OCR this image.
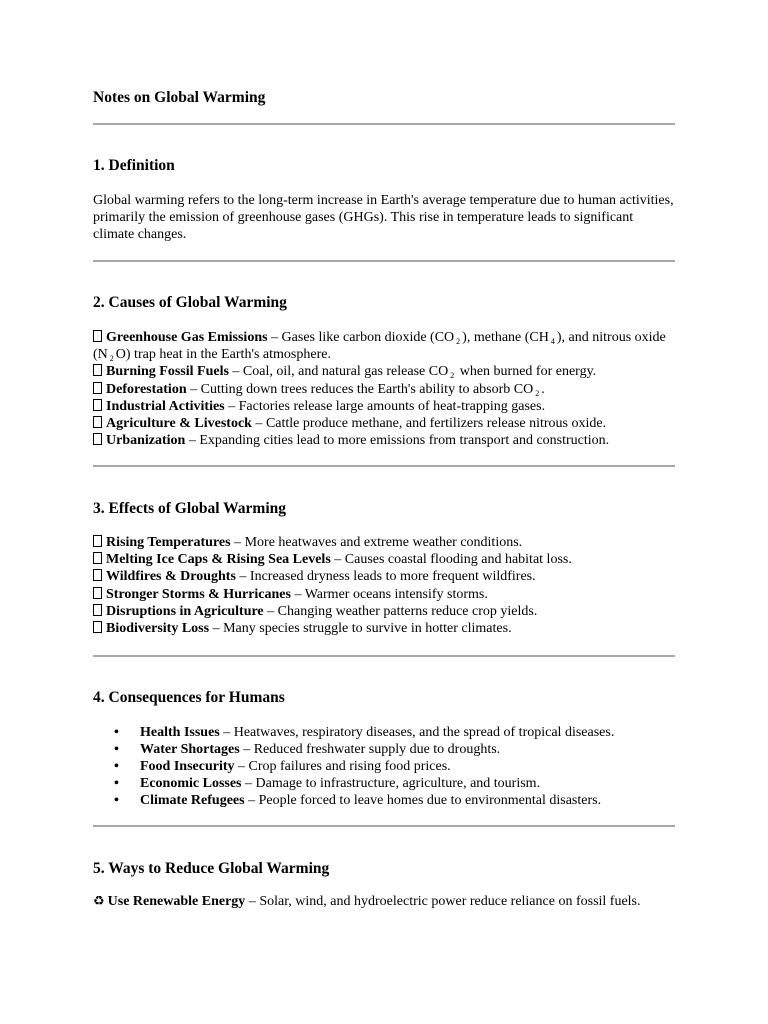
Notes on Global Warming
1. Definition

Global warming refers to the long-term increase in Earth's average temperature due to human activities, primarily the emission of greenhouse gases (GHGs). This rise in temperature leads to significant climate changes.

2. Causes of Global Warming
Greenhouse Gas Emissions – Gases like carbon dioxide (CO $_2$ ), methane (CH $_4$ ), and nitrous oxide (N $_2$ O) trap heat in the Earth's atmosphere.
Burning Fossil Fuels – Coal, oil, and natural gas release CO $_2$ when burned for energy.
Deforestation – Cutting down trees reduces the Earth's ability to absorb CO $_2$ .
Industrial Activities – Factories release large amounts of heat-trapping gases.
Agriculture & Livestock – Cattle produce methane, and fertilizers release nitrous oxide.
Urbanization – Expanding cities lead to more emissions from transport and construction.
3. Effects of Global Warming
Rising Temperatures – More heatwaves and extreme weather conditions.
Melting Ice Caps & Rising Sea Levels – Causes coastal flooding and habitat loss.
Wildfires & Droughts – Increased dryness leads to more frequent wildfires.
Stronger Storms & Hurricanes – Warmer oceans intensify storms.
Disruptions in Agriculture – Changing weather patterns reduce crop yields.
Biodiversity Loss – Many species struggle to survive in hotter climates.
4. Consequences for Humans
• Health Issues – Heatwaves, respiratory diseases, and the spread of tropical diseases.
• Water Shortages – Reduced freshwater supply due to droughts.
• Food Insecurity – Crop failures and rising food prices.
• Economic Losses – Damage to infrastructure, agriculture, and tourism.
• Climate Refugees – People forced to leave homes due to environmental disasters.
5. Ways to Reduce Global Warming
♻ Use Renewable Energy – Solar, wind, and hydroelectric power reduce reliance on fossil fuels.
